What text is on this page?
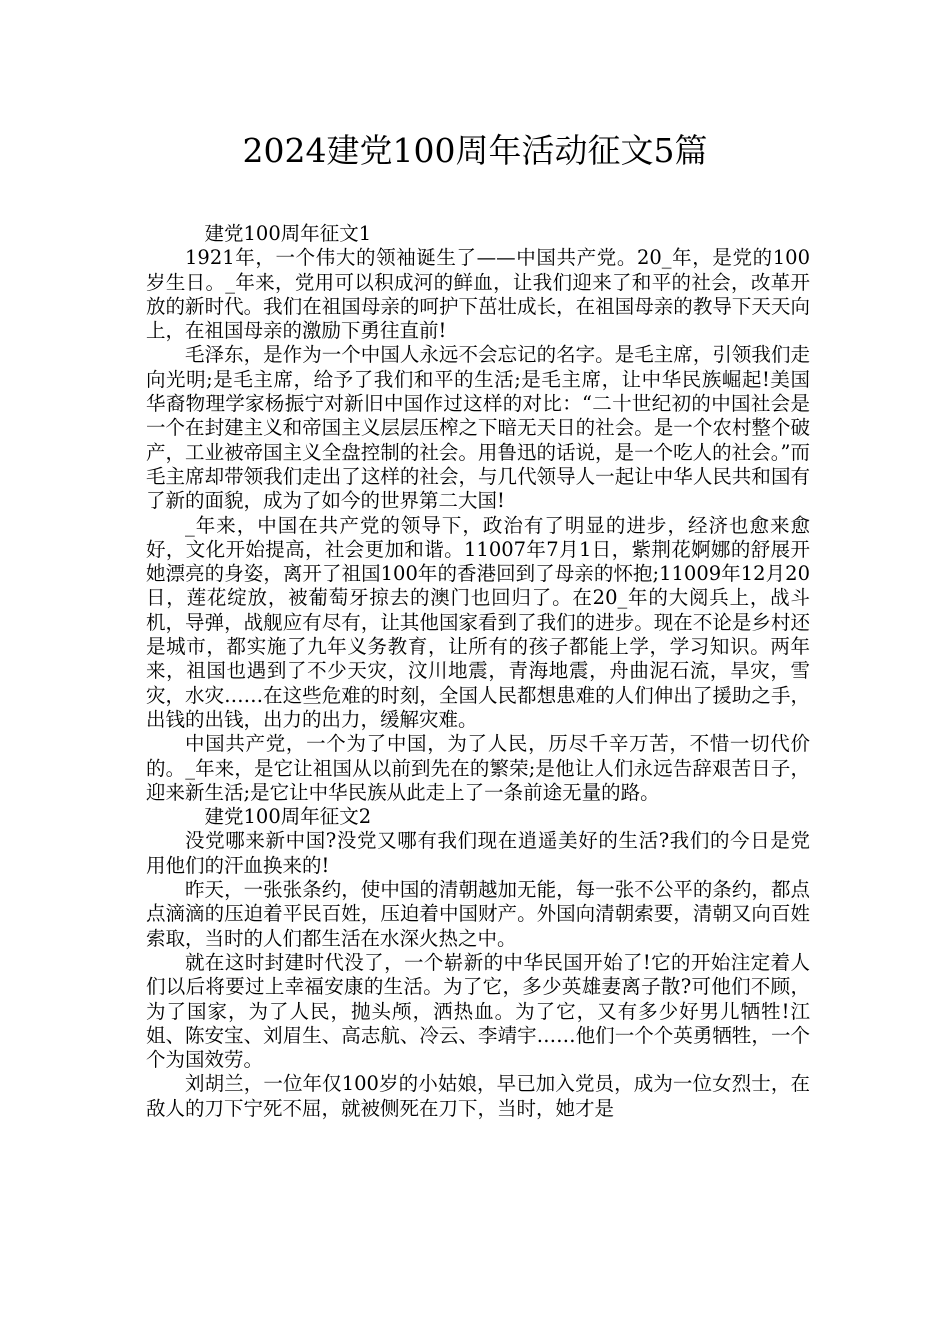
2024建党100周年活动征文5篇

建党100周年征文1

1921年，一个伟大的领袖诞生了——中国共产党。20_年，是党的100岁生日。_年来，党用可以积成河的鲜血，让我们迎来了和平的社会，改革开放的新时代。我们在祖国母亲的呵护下茁壮成长，在祖国母亲的教导下天天向上，在祖国母亲的激励下勇往直前!

毛泽东，是作为一个中国人永远不会忘记的名字。是毛主席，引领我们走向光明;是毛主席，给予了我们和平的生活;是毛主席，让中华民族崛起!美国华裔物理学家杨振宁对新旧中国作过这样的对比：“二十世纪初的中国社会是一个在封建主义和帝国主义层层压榨之下暗无天日的社会。是一个农村整个破产，工业被帝国主义全盘控制的社会。用鲁迅的话说，是一个吃人的社会。”而毛主席却带领我们走出了这样的社会，与几代领导人一起让中华人民共和国有了新的面貌，成为了如今的世界第二大国!

_年来，中国在共产党的领导下，政治有了明显的进步，经济也愈来愈好，文化开始提高，社会更加和谐。11007年7月1日，紫荆花婀娜的舒展开她漂亮的身姿，离开了祖国100年的香港回到了母亲的怀抱;11009年12月20日，莲花绽放，被葡萄牙掠去的澳门也回归了。在20_年的大阅兵上，战斗机，导弹，战舰应有尽有，让其他国家看到了我们的进步。现在不论是乡村还是城市，都实施了九年义务教育，让所有的孩子都能上学，学习知识。两年来，祖国也遇到了不少天灾，汶川地震，青海地震，舟曲泥石流，旱灾，雪灾，水灾……在这些危难的时刻，全国人民都想患难的人们伸出了援助之手，出钱的出钱，出力的出力，缓解灾难。

中国共产党，一个为了中国，为了人民，历尽千辛万苦，不惜一切代价的。_年来，是它让祖国从以前到先在的繁荣;是他让人们永远告辞艰苦日子，迎来新生活;是它让中华民族从此走上了一条前途无量的路。

建党100周年征文2

没党哪来新中国?没党又哪有我们现在逍遥美好的生活?我们的今日是党用他们的汗血换来的!

昨天，一张张条约，使中国的清朝越加无能，每一张不公平的条约，都点点滴滴的压迫着平民百姓，压迫着中国财产。外国向清朝索要，清朝又向百姓索取，当时的人们都生活在水深火热之中。

就在这时封建时代没了，一个崭新的中华民国开始了!它的开始注定着人们以后将要过上幸福安康的生活。为了它，多少英雄妻离子散?可他们不顾，为了国家，为了人民，抛头颅，洒热血。为了它，又有多少好男儿牺牲!江姐、陈安宝、刘眉生、高志航、冷云、李靖宇……他们一个个英勇牺牲，一个个为国效劳。

刘胡兰，一位年仅100岁的小姑娘，早已加入党员，成为一位女烈士，在敌人的刀下宁死不屈，就被侧死在刀下，当时，她才是
